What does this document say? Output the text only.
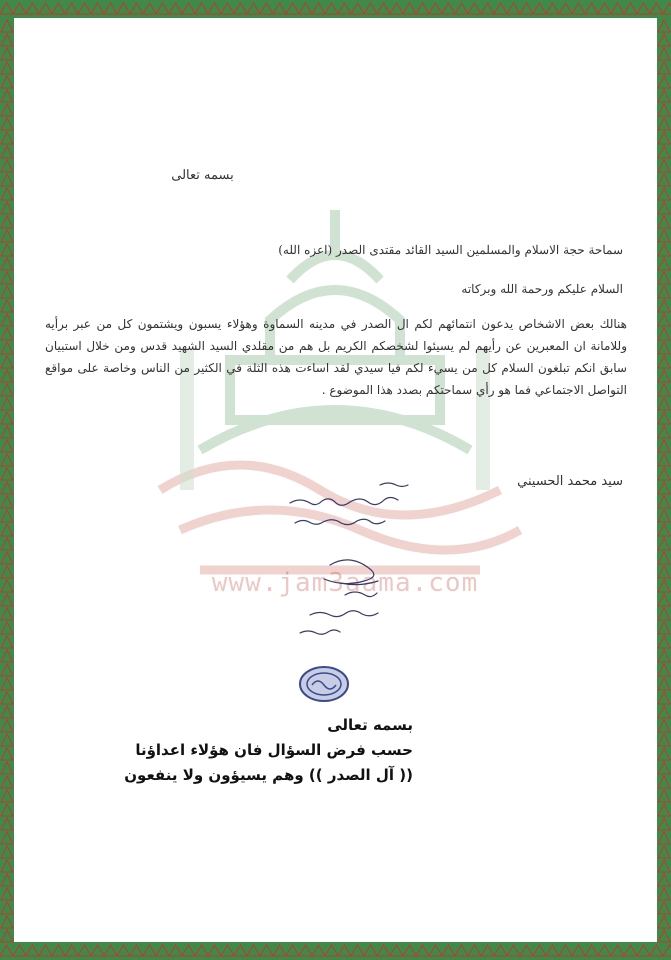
www.jam3aama.com
بسمه تعالى
سماحة حجة الاسلام والمسلمين السيد القائد مقتدى الصدر (اعزه الله)
السلام عليكم ورحمة الله وبركاته
هنالك بعض الاشخاص يدعون انتمائهم لكم ال الصدر في مدينه السماوة وهؤلاء يسبون ويشتمون كل من عبر برأيه وللامانة ان المعبرين عن رأيهم لم يسيئوا لشخصكم الكريم بل هم من مقلدي السيد الشهيد قدس ومن خلال استبيان سابق انكم تبلغون السلام كل من يسيء لكم فيا سيدي لقد اساءت هذه الثلة في الكثير من الناس وخاصة على مواقع التواصل الاجتماعي فما هو رأي سماحتكم بصدد هذا الموضوع .
سيد محمد الحسيني
بسمه تعالى
حسب فرض السؤال فان هؤلاء اعداؤنا
(( آل الصدر )) وهم يسيؤون ولا ينفعون
